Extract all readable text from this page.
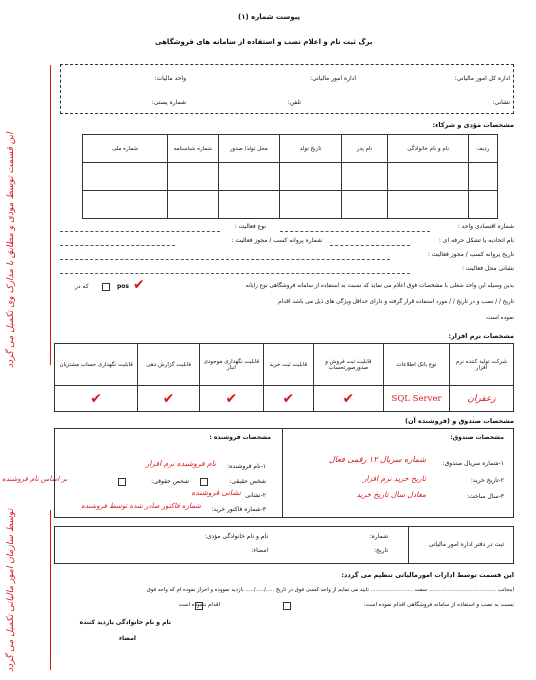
پیوست شماره (۱)
برگ ثبت نام و اعلام نصب و استفاده از سامانه های فروشگاهی
این قسمت توسط مودی و مطابق با مدارک وی تکمیل می گردد
توسط سازمان امور مالیاتی تکمیل می گردد
بر اساس نام فروشنده
اداره کل امور مالیاتی:
اداره امور مالیاتی:
واحد مالیات:
نشانی:
تلفن:
شماره پستی:
مشخصات مؤدی و شرکاء:
ردیف	نام و نام خانوادگی	نام پدر	تاریخ تولد	محل تولد/ صدور	شماره شناسنامه	شماره ملی

شماره اقتصادی واحد :
نوع فعالیت :
نام اتحادیه یا تشکل حرفه ای :
شماره پروانه کسب / مجوز فعالیت :
تاریخ پروانه کسب / مجوز فعالیت :
نشانی محل فعالیت :
بدین وسیله این واحد شغلی با مشخصات فوق اعلام می نماید که نسبت به استفاده از سامانه فروشگاهی نوع رایانه
✔
pos
که در
تاریخ / / نصب و در تاریخ / / مورد استفاده قرار گرفته و دارای حداقل ویژگی های ذیل می باشد اقدام
نموده است.
مشخصات نرم افزار:
شرکت تولید کننده نرم افزار	نوع بانک اطلاعات	قابلیت ثبت فروش و صدورصورتحساب	قابلیت ثبت خرید	قابلیت نگهداری موجودی انبار	قابلیت گزارش دهی	قابلیت نگهداری حساب مشتریان
زعفران	SQL Server	✔	✔	✔	✔	✔
مشخصات صندوق و (فروشنده آن)
مشخصات صندوق:
مشخصات فروشنده :
۱-شماره سریال صندوق:
شماره سریال ۱۲ رقمی فعال
۲-تاریخ خرید:
تاریخ خرید نرم افزار
۳-سال ساخت:
معادل سال تاریخ خرید
۱-نام فروشنده:
نام فروشنده نرم افزار
شخص حقیقی:
شخص حقوقی:
۲-نشانی
نشانی فروشنده
۳-شماره فاکتور خرید:
شماره فاکتور صادر شده توسط فروشنده
ثبت در دفتر اداره امور مالیاتی
شماره:
تاریخ:
نام و نام خانوادگی مؤدی:
امضاء:
این قسمت توسط ادارات امورمالیاتی تنظیم می گردد:
اینجانب ........................................ سمت ......................... تایید می نمایم از واحد کسبی فوق در تاریخ ...../...../..... بازدید نمووده و احراز نموده ام که واحد فوق
نسبت به نصب و استفاده از سامانه فروشگاهی اقدام نموده است:
اقدام ننموده است
نام و نام خانوادگی بازدید کننده
امضاء
